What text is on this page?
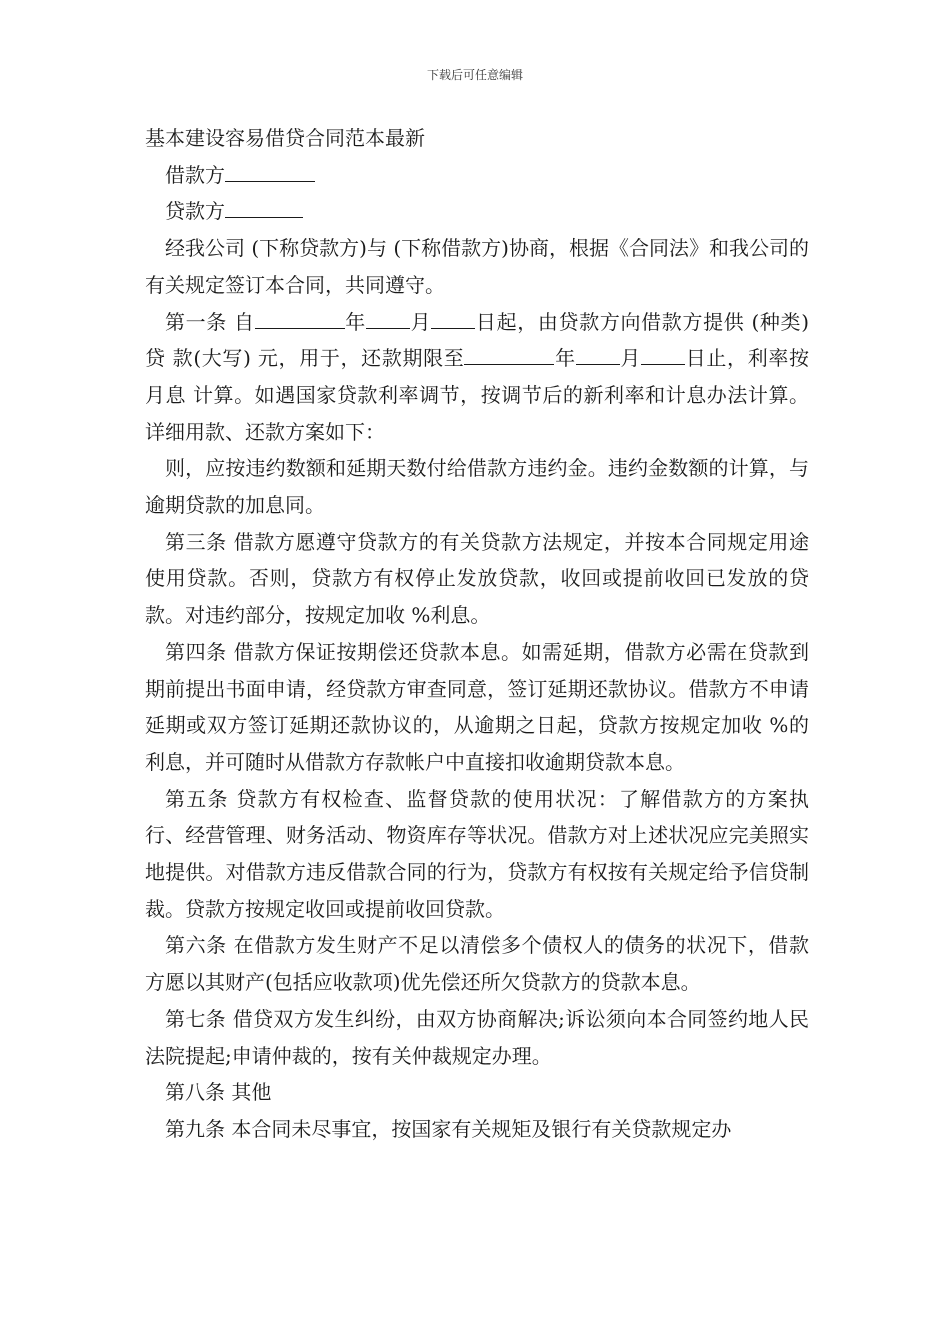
下载后可任意编辑
基本建设容易借贷合同范本最新

借款方

贷款方

经我公司 (下称贷款方)与 (下称借款方)协商，根据《合同法》和我公司的有关规定签订本合同，共同遵守。

第一条 自	年 月 日起，由贷款方向借款方提供 (种类)贷 款(大写) 元，用于，还款期限至	年 月 日止，利率按月息 计算。如遇国家贷款利率调节，按调节后的新利率和计息办法计算。 详细用款、还款方案如下：

则，应按违约数额和延期天数付给借款方违约金。违约金数额的计算，与逾期贷款的加息同。

第三条 借款方愿遵守贷款方的有关贷款方法规定，并按本合同规定用途使用贷款。否则，贷款方有权停止发放贷款，收回或提前收回已发放的贷款。对违约部分，按规定加收 %利息。

第四条 借款方保证按期偿还贷款本息。如需延期，借款方必需在贷款到期前提出书面申请，经贷款方审查同意，签订延期还款协议。借款方不申请延期或双方签订延期还款协议的，从逾期之日起，贷款方按规定加收 %的利息，并可随时从借款方存款帐户中直接扣收逾期贷款本息。

第五条 贷款方有权检查、监督贷款的使用状况：了解借款方的方案执行、经营管理、财务活动、物资库存等状况。借款方对上述状况应完美照实地提供。对借款方违反借款合同的行为，贷款方有权按有关规定给予信贷制裁。贷款方按规定收回或提前收回贷款。

第六条 在借款方发生财产不足以清偿多个债权人的债务的状况下，借款方愿以其财产(包括应收款项)优先偿还所欠贷款方的贷款本息。

第七条 借贷双方发生纠纷，由双方协商解决;诉讼须向本合同签约地人民法院提起;申请仲裁的，按有关仲裁规定办理。

第八条 其他

第九条 本合同未尽事宜，按国家有关规矩及银行有关贷款规定办
